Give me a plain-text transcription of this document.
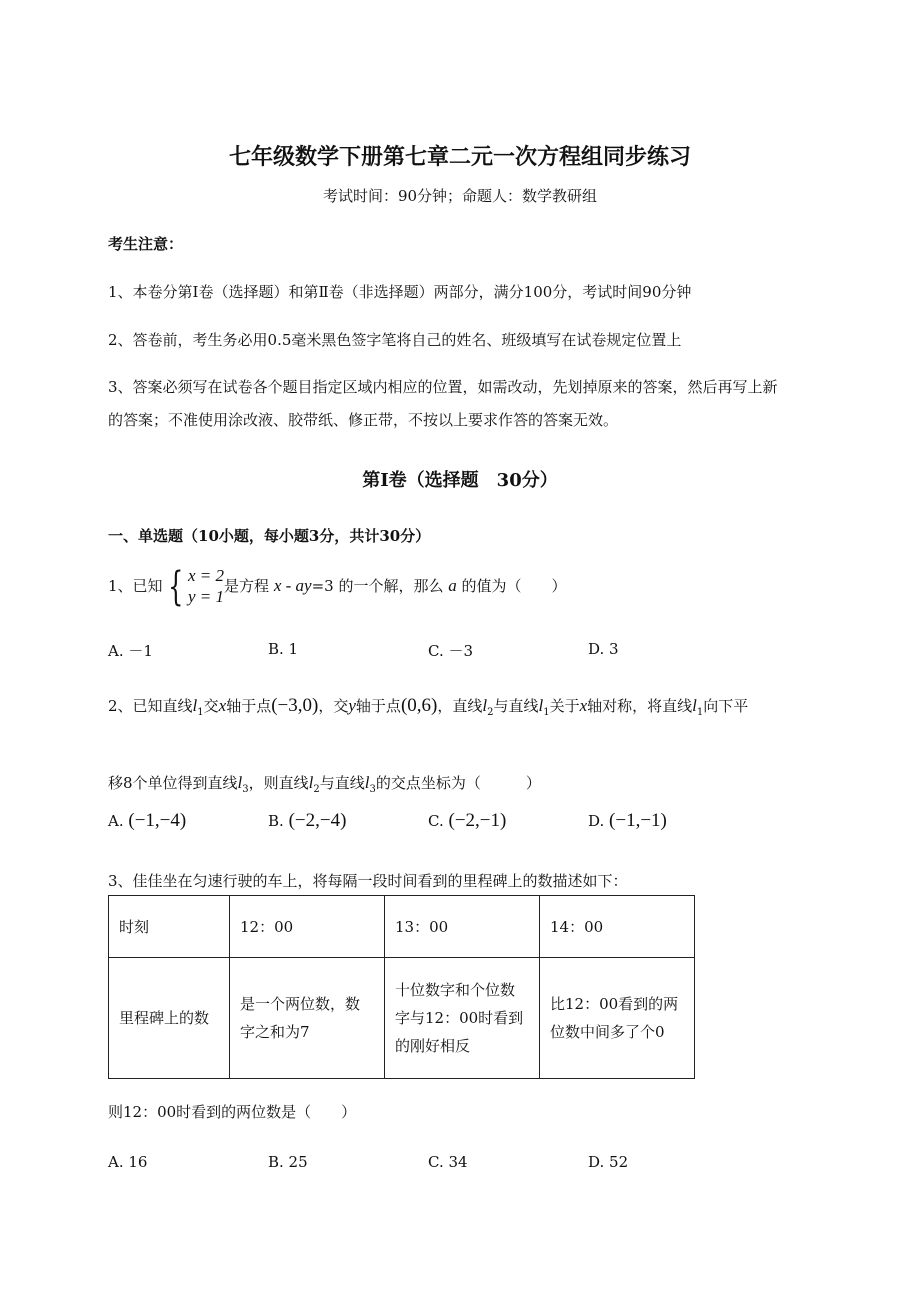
七年级数学下册第七章二元一次方程组同步练习
考试时间：90分钟；命题人：数学教研组
考生注意：
1、本卷分第Ⅰ卷（选择题）和第Ⅱ卷（非选择题）两部分，满分100分，考试时间90分钟
2、答卷前，考生务必用0.5毫米黑色签字笔将自己的姓名、班级填写在试卷规定位置上
3、答案必须写在试卷各个题目指定区域内相应的位置，如需改动，先划掉原来的答案，然后再写上新
的答案；不准使用涂改液、胶带纸、修正带，不按以上要求作答的答案无效。
第Ⅰ卷（选择题　30分）
一、单选题（10小题，每小题3分，共计30分）
1、已知 { x = 2
y = 1是方程 x - ay=3 的一个解，那么 a 的值为（　　）
A. －1	B. 1	C. －3	D. 3
2、已知直线$l_1$交x轴于点(−3,0)，交y轴于点(0,6)，直线$l_2$与直线$l_1$关于x轴对称，将直线$l_1$向下平
移8个单位得到直线$l_3$，则直线$l_2$与直线$l_3$的交点坐标为（　　　）
A. (−1,−4)	B. (−2,−4)	C. (−2,−1)	D. (−1,−1)
3、佳佳坐在匀速行驶的车上，将每隔一段时间看到的里程碑上的数描述如下：
时刻	12：00	13：00	14：00
里程碑上的数	是一个两位数，数字之和为7	十位数字和个位数字与12：00时看到的刚好相反	比12：00看到的两位数中间多了个0
则12：00时看到的两位数是（　　）
A. 16	B. 25	C. 34	D. 52
